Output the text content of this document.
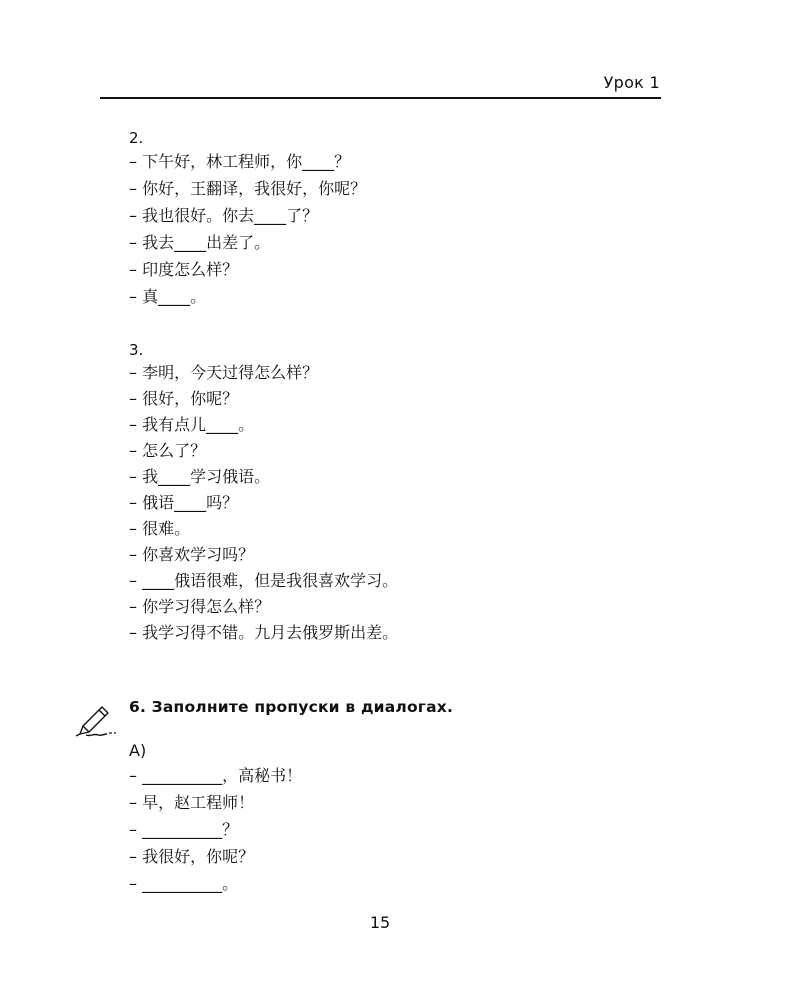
Урок 1
2.
– 下午好，林工程师，你____？
– 你好，王翻译，我很好，你呢？
– 我也很好。你去____了？
– 我去____出差了。
– 印度怎么样？
– 真____。
3.
– 李明，今天过得怎么样？
– 很好，你呢？
– 我有点儿____。
– 怎么了？
– 我____学习俄语。
– 俄语____吗？
– 很难。
– 你喜欢学习吗？
– ____俄语很难，但是我很喜欢学习。
– 你学习得怎么样？
– 我学习得不错。九月去俄罗斯出差。
6. Заполните пропуски в диалогах.
A)
– __________，高秘书！
– 早，赵工程师！
– __________？
– 我很好，你呢？
– __________。
15
